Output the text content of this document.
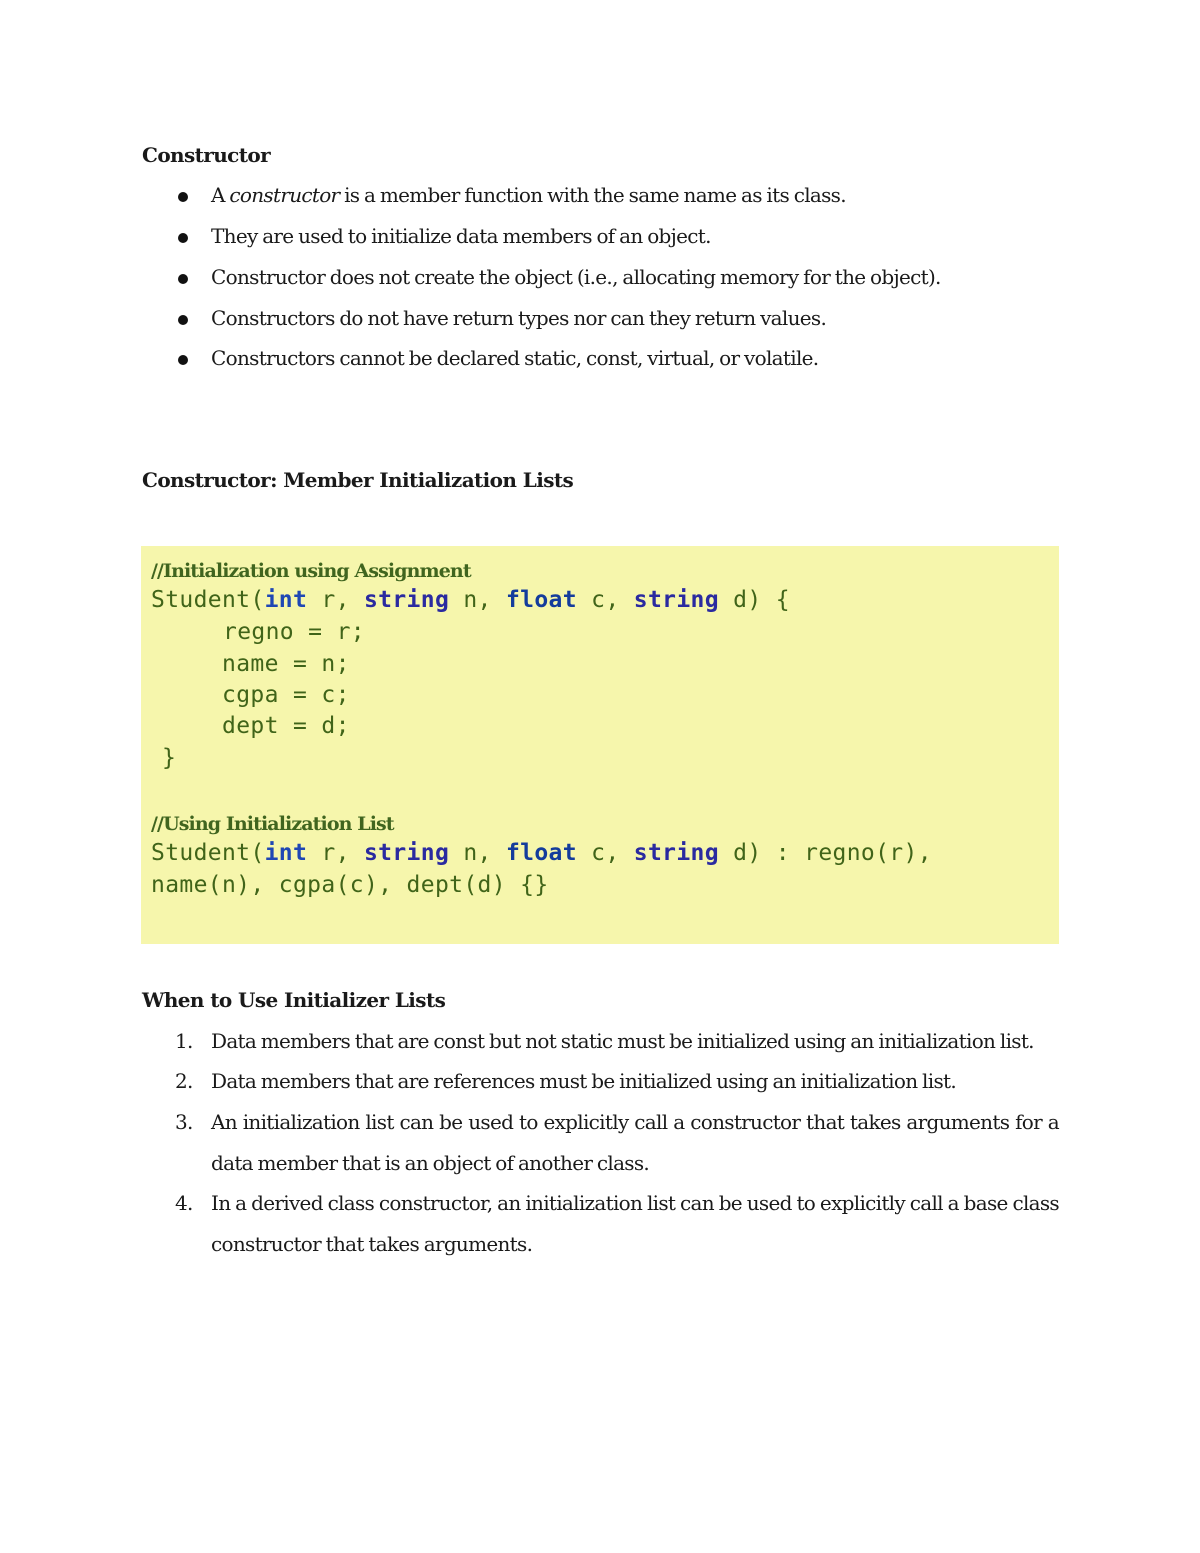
Constructor
A constructor is a member function with the same name as its class.
They are used to initialize data members of an object.
Constructor does not create the object (i.e., allocating memory for the object).
Constructors do not have return types nor can they return values.
Constructors cannot be declared static, const, virtual, or volatile.
Constructor: Member Initialization Lists
//Initialization using Assignment
Student(int r, string n, float c, string d) {
regno = r;
name = n;
cgpa = c;
dept = d;
}
//Using Initialization List
Student(int r, string n, float c, string d) : regno(r),
name(n), cgpa(c), dept(d) {}
When to Use Initializer Lists
1. Data members that are const but not static must be initialized using an initialization list.
2. Data members that are references must be initialized using an initialization list.
3. An initialization list can be used to explicitly call a constructor that takes arguments for a data member that is an object of another class.
4. In a derived class constructor, an initialization list can be used to explicitly call a base class constructor that takes arguments.
